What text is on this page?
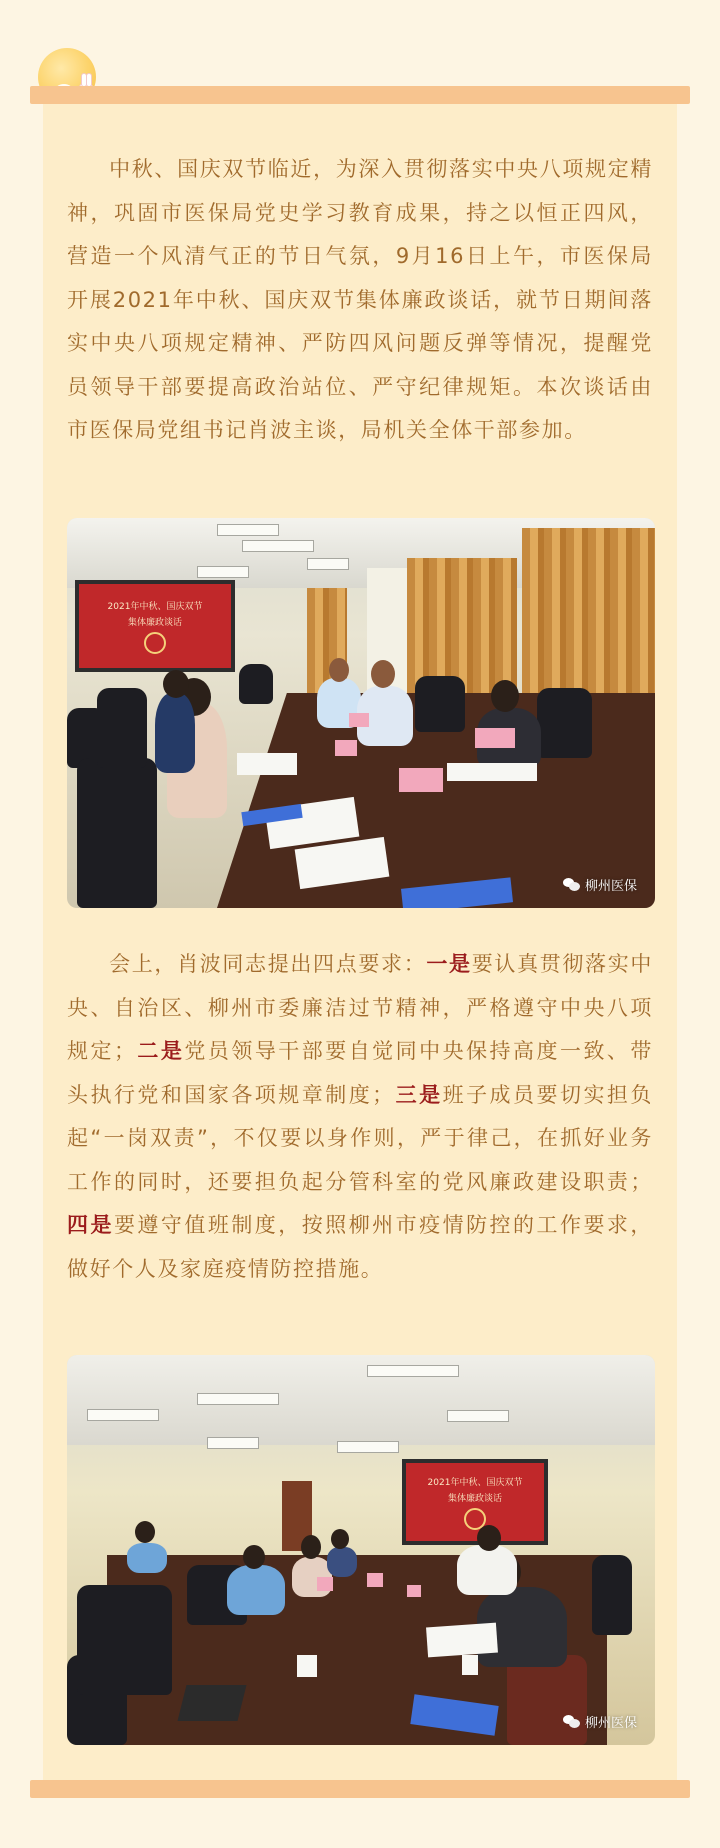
中秋、国庆双节临近，为深入贯彻落实中央八项规定精神，巩固市医保局党史学习教育成果，持之以恒正四风，营造一个风清气正的节日气氛，9月16日上午，市医保局开展2021年中秋、国庆双节集体廉政谈话，就节日期间落实中央八项规定精神、严防四风问题反弹等情况，提醒党员领导干部要提高政治站位、严守纪律规矩。本次谈话由市医保局党组书记肖波主谈，局机关全体干部参加。
2021年中秋、国庆双节
集体廉政谈话
柳州医保
会上，肖波同志提出四点要求：一是要认真贯彻落实中央、自治区、柳州市委廉洁过节精神，严格遵守中央八项规定；二是党员领导干部要自觉同中央保持高度一致、带头执行党和国家各项规章制度；三是班子成员要切实担负起“一岗双责”，不仅要以身作则，严于律己，在抓好业务工作的同时，还要担负起分管科室的党风廉政建设职责；四是要遵守值班制度，按照柳州市疫情防控的工作要求，做好个人及家庭疫情防控措施。
2021年中秋、国庆双节
集体廉政谈话
柳州医保
